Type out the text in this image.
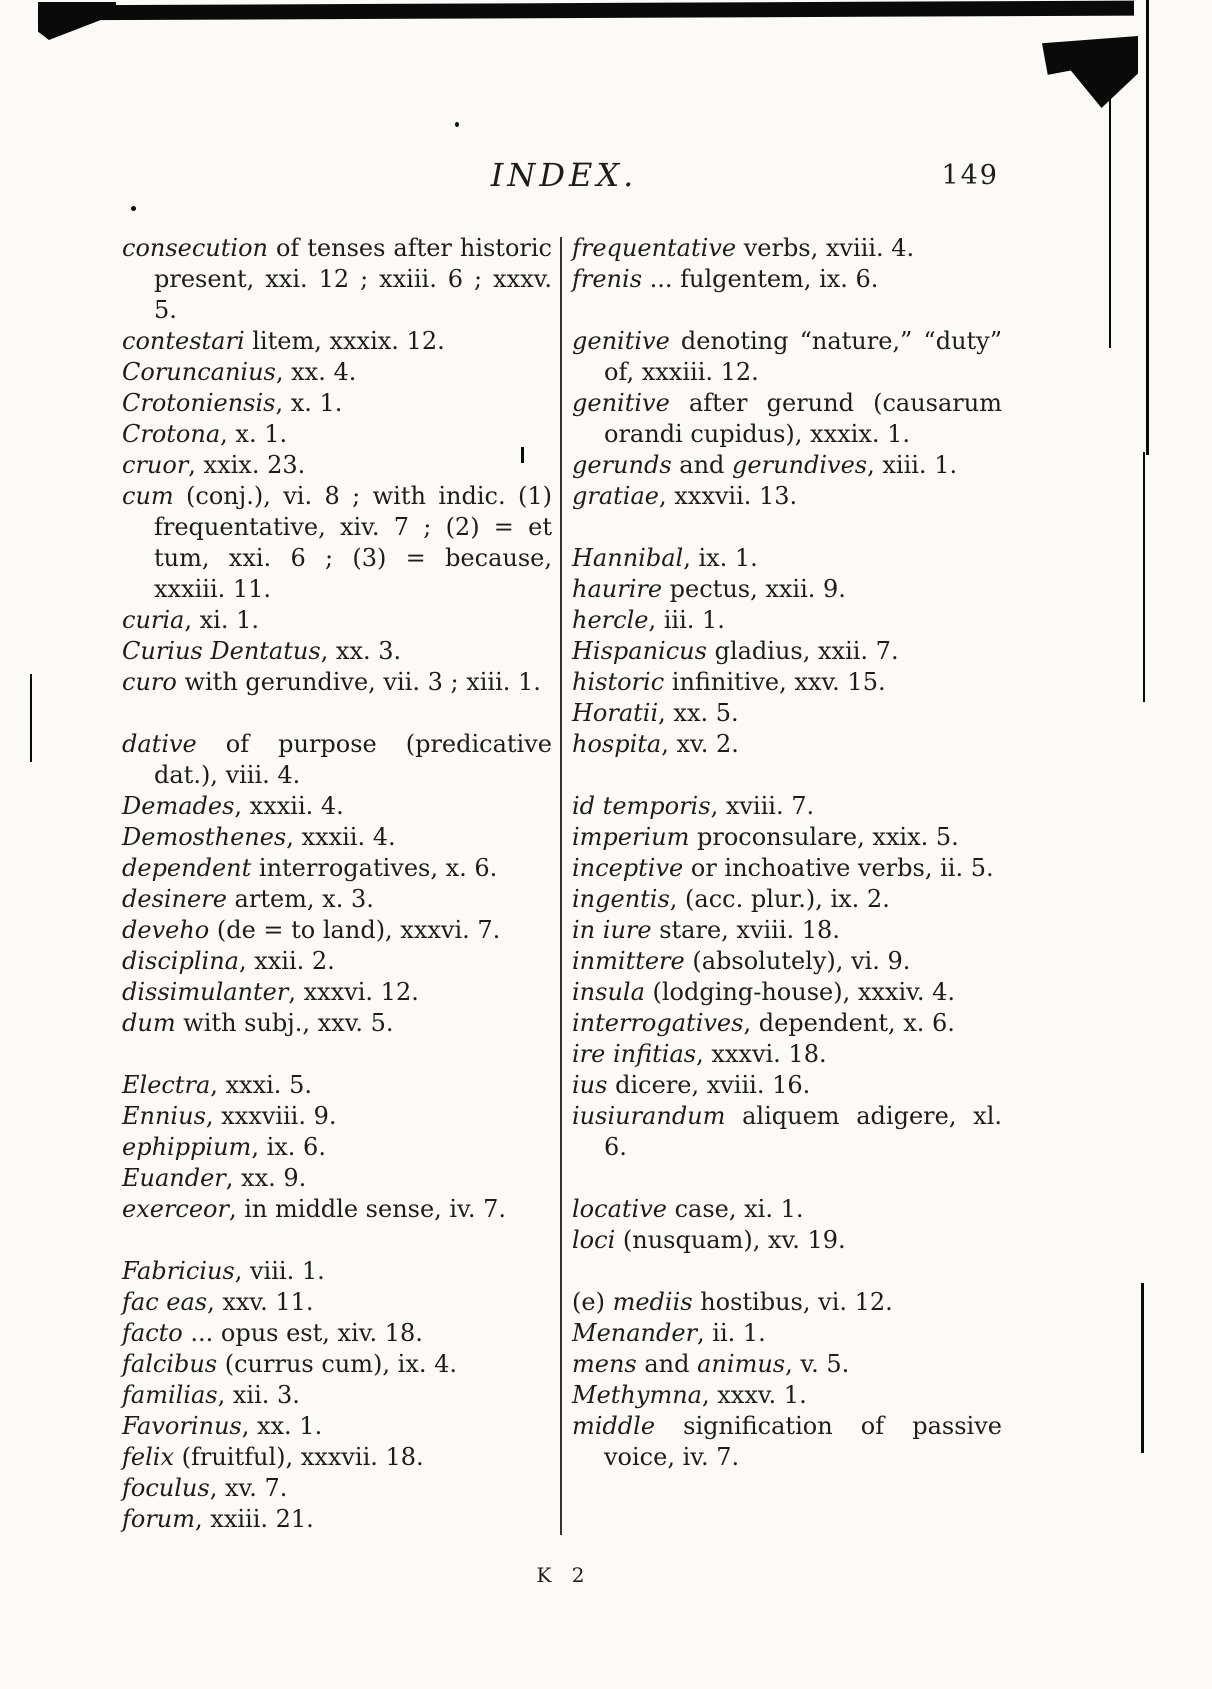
INDEX.	149

consecution of tenses after historic present, xxi. 12 ; xxiii. 6 ; xxxv. 5.

contestari litem, xxxix. 12.

Coruncanius, xx. 4.

Crotoniensis, x. 1.

Crotona, x. 1.

cruor, xxix. 23.

cum (conj.), vi. 8 ; with indic. (1) frequentative, xiv. 7 ; (2) = et tum, xxi. 6 ; (3) = because, xxxiii. 11.

curia, xi. 1.

Curius Dentatus, xx. 3.

curo with gerundive, vii. 3 ; xiii. 1.

dative of purpose (predicative dat.), viii. 4.

Demades, xxxii. 4.

Demosthenes, xxxii. 4.

dependent interrogatives, x. 6.

desinere artem, x. 3.

deveho (de = to land), xxxvi. 7.

disciplina, xxii. 2.

dissimulanter, xxxvi. 12.

dum with subj., xxv. 5.

Electra, xxxi. 5.

Ennius, xxxviii. 9.

ephippium, ix. 6.

Euander, xx. 9.

exerceor, in middle sense, iv. 7.

Fabricius, viii. 1.

fac eas, xxv. 11.

facto ... opus est, xiv. 18.

falcibus (currus cum), ix. 4.

familias, xii. 3.

Favorinus, xx. 1.

felix (fruitful), xxxvii. 18.

foculus, xv. 7.

forum, xxiii. 21.

frequentative verbs, xviii. 4.

frenis ... fulgentem, ix. 6.

genitive denoting “nature,” “duty” of, xxxiii. 12.

genitive after gerund (causarum orandi cupidus), xxxix. 1.

gerunds and gerundives, xiii. 1.

gratiae, xxxvii. 13.

Hannibal, ix. 1.

haurire pectus, xxii. 9.

hercle, iii. 1.

Hispanicus gladius, xxii. 7.

historic infinitive, xxv. 15.

Horatii, xx. 5.

hospita, xv. 2.

id temporis, xviii. 7.

imperium proconsulare, xxix. 5.

inceptive or inchoative verbs, ii. 5.

ingentis, (acc. plur.), ix. 2.

in iure stare, xviii. 18.

inmittere (absolutely), vi. 9.

insula (lodging-house), xxxiv. 4.

interrogatives, dependent, x. 6.

ire infitias, xxxvi. 18.

ius dicere, xviii. 16.

iusiurandum aliquem adigere, xl. 6.

locative case, xi. 1.

loci (nusquam), xv. 19.

(e) mediis hostibus, vi. 12.

Menander, ii. 1.

mens and animus, v. 5.

Methymna, xxxv. 1.

middle signification of passive voice, iv. 7.

K 2
